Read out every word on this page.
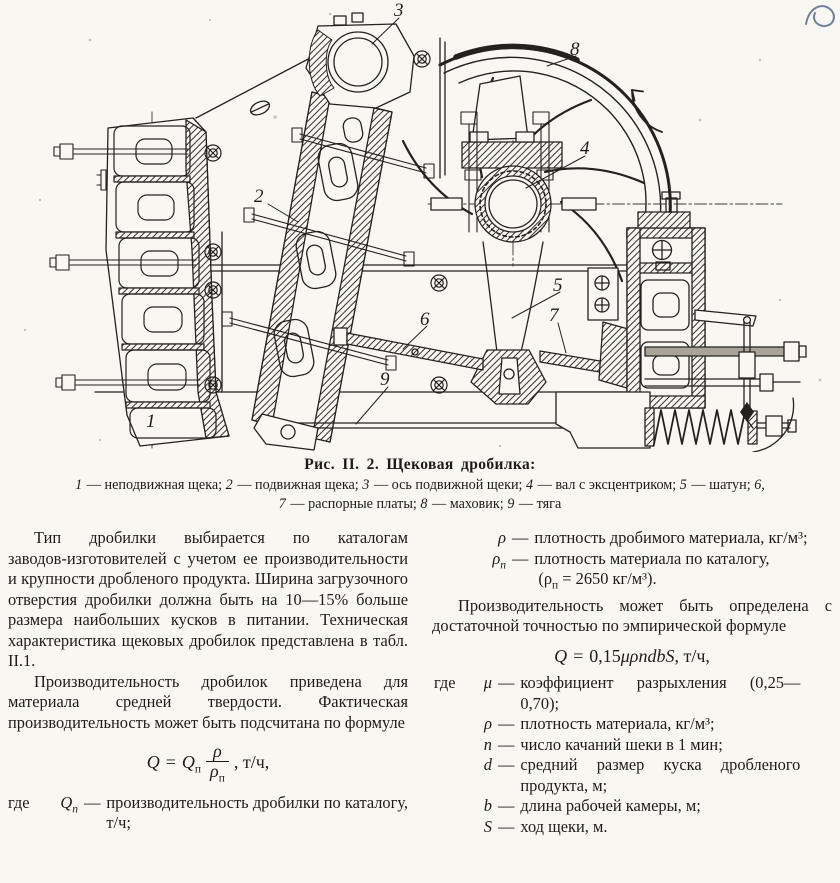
1
2
3
4
5
6	7
8
9
Рис. II. 2. Щековая дробилка:

1 — неподвижная щека; 2 — подвижная щека; 3 — ось подвижной щеки; 4 — вал с эксцентриком; 5 — шатун; 6, 7 — распорные платы; 8 — маховик; 9 — тяга

Тип дробилки выбирается по каталогам заводов‑изготовителей с учетом ее производительности и крупности дробленого продукта. Ширина загрузочного отверстия дробилки должна быть на 10—15% больше размера наибольших кусков в питании. Техническая характеристика щековых дробилок представлена в табл. II.1.

Производительность дробилок приведена для материала средней твердости. Фактическая производительность может быть подсчитана по формуле

$Q = Q_п \frac{\rho}{\rho_п}$ , т/ч,
где	$Q_п$ — производительность дробилки по каталогу, т/ч;
ρ — плотность дробимого материала, кг/м³;
$\rho_п$ — плотность материала по каталогу,
($\rho_п = 2650$ кг/м³).

Производительность может быть определена с достаточной точностью по эмпирической формуле

Q = 0,15μρndbS, т/ч,
где	μ — коэффициент разрыхления (0,25—0,70);
ρ — плотность материала, кг/м³;
n — число качаний шеки в 1 мин;
d — средний размер куска дробленого продукта, м;
b — длина рабочей камеры, м;
S — ход щеки, м.
